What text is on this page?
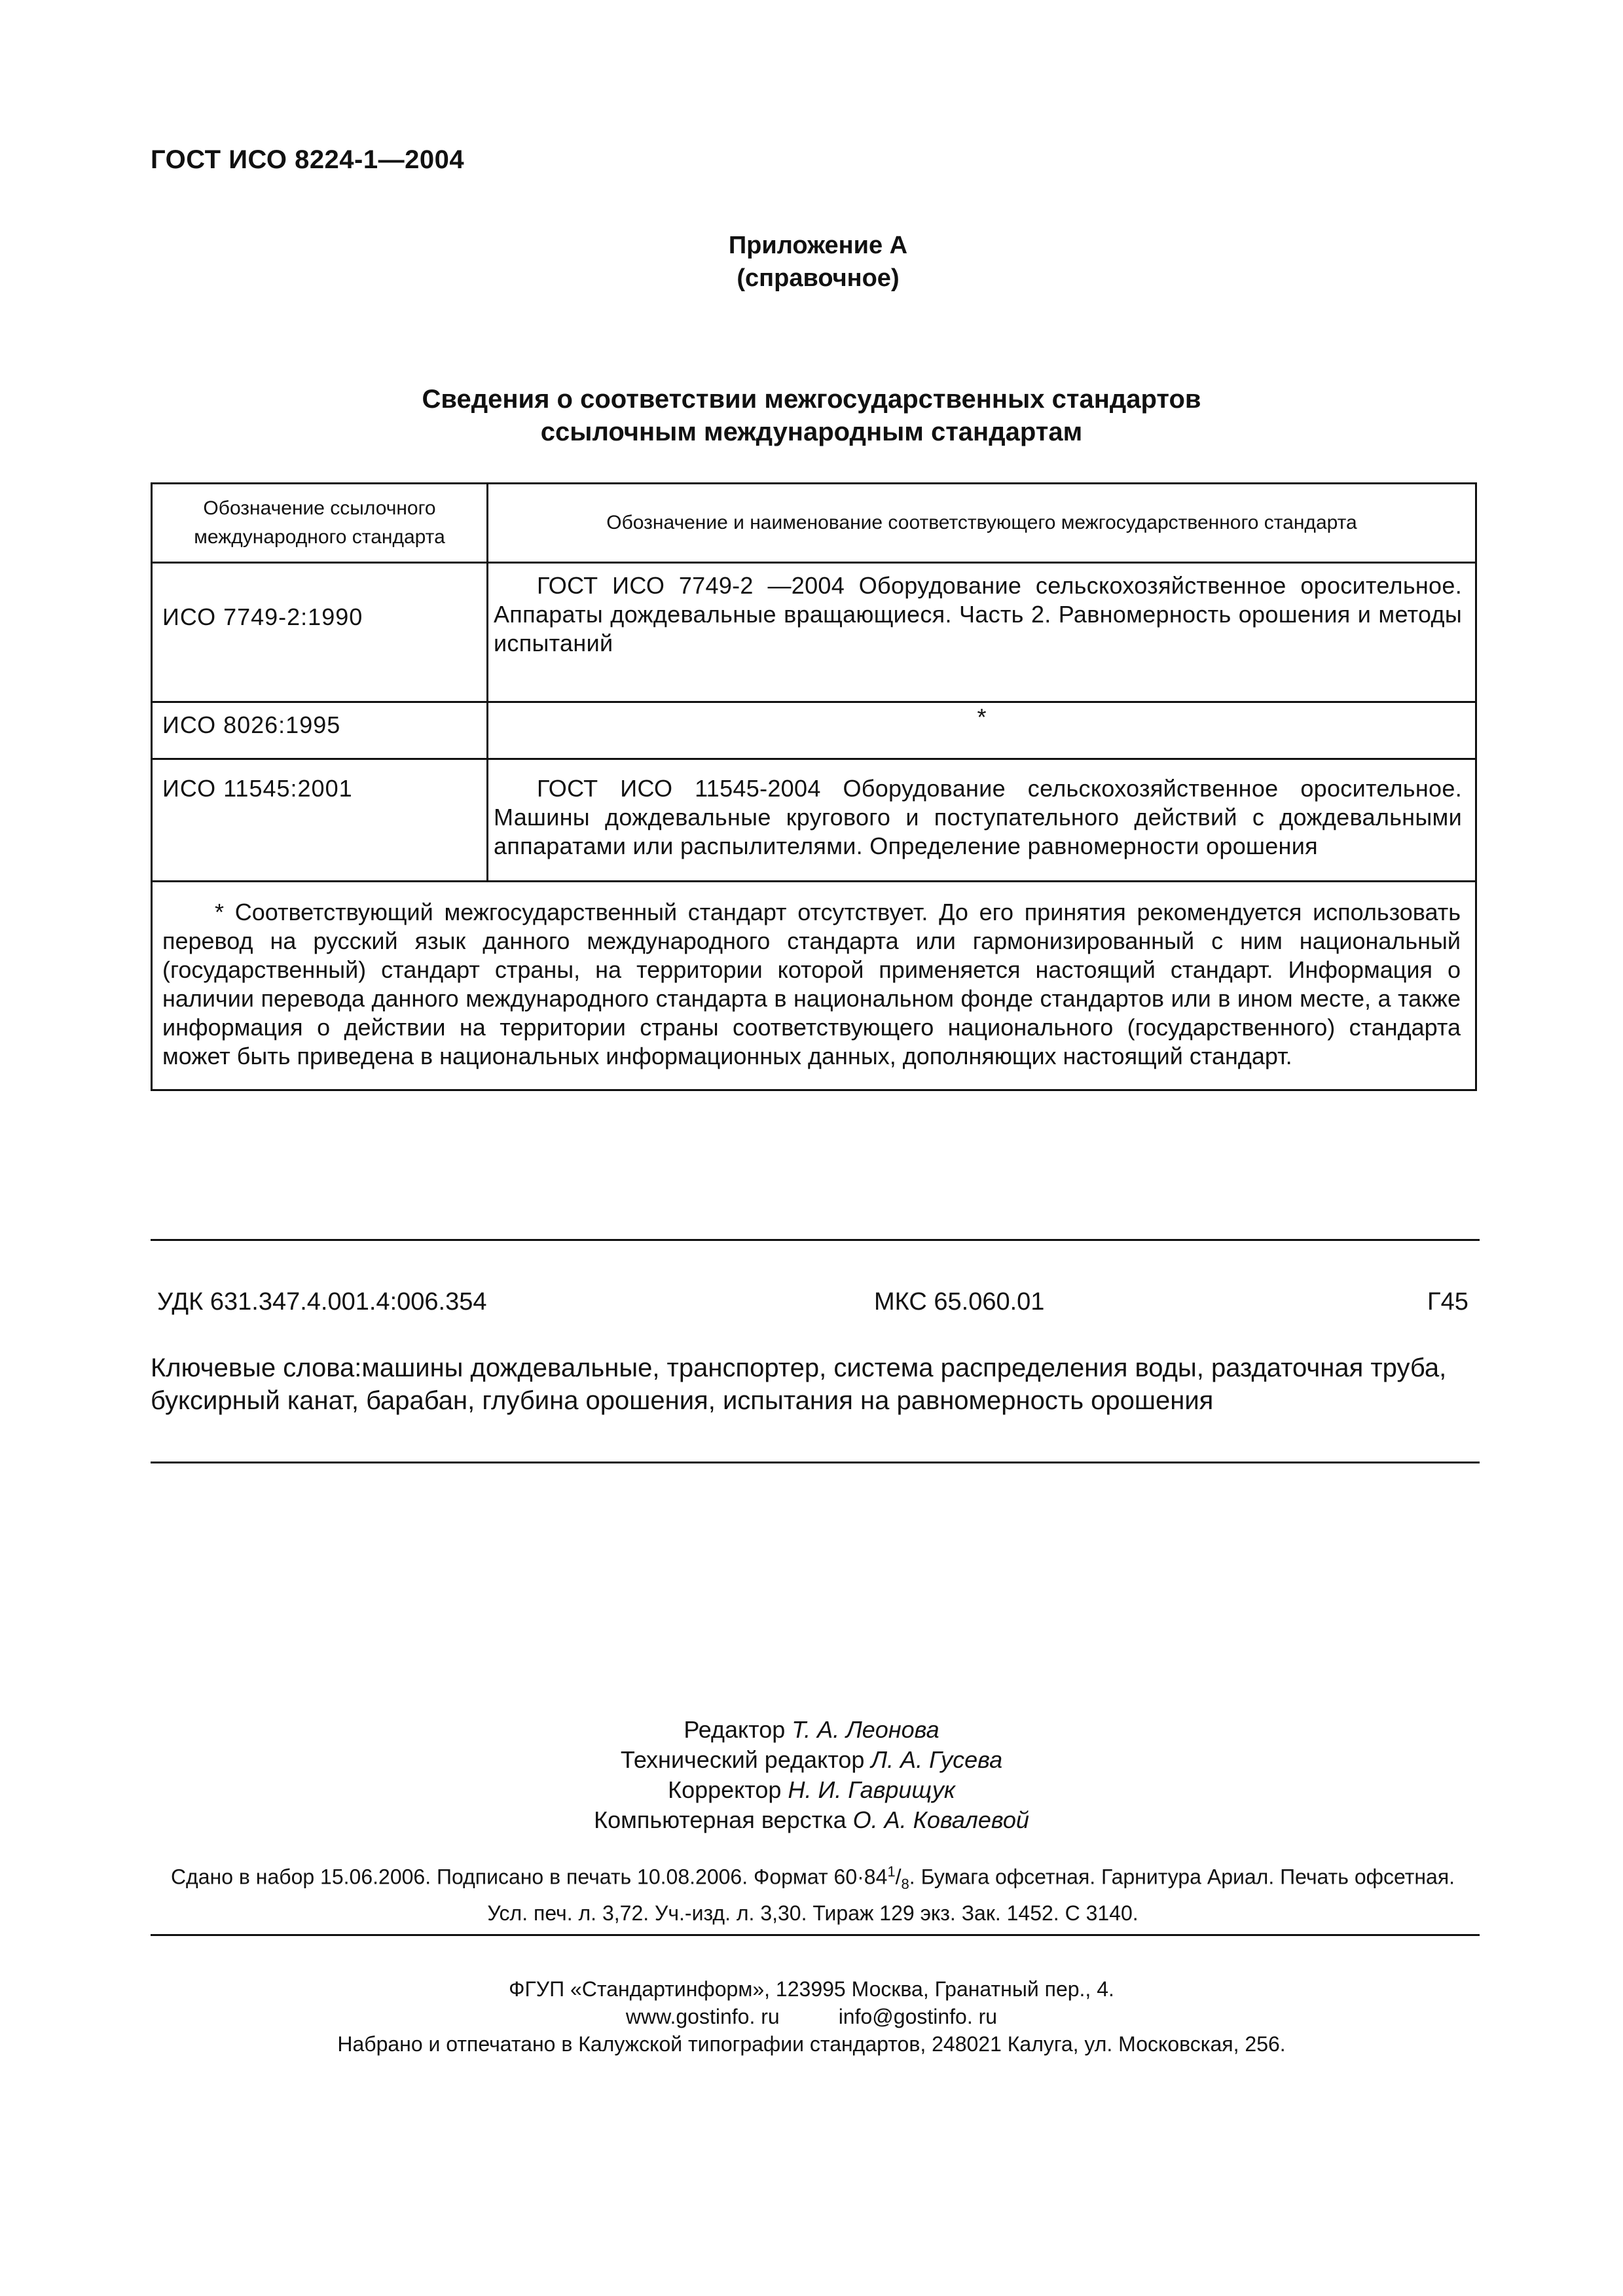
ГОСТ ИСО 8224-1—2004
Приложение А
(справочное)
Сведения о соответствии межгосударственных стандартов
ссылочным международным стандартам
Обозначение ссылочного
международного стандарта	Обозначение и наименование соответствующего межгосударственного стандарта
ИСО 7749-2:1990	ГОСТ ИСО 7749-2 —2004 Оборудование сельскохозяйственное оросительное. Аппараты дождевальные вращающиеся. Часть 2. Равномерность орошения и методы испытаний
ИСО 8026:1995	*
ИСО 11545:2001	ГОСТ ИСО 11545-2004 Оборудование сельскохозяйственное оросительное. Машины дождевальные кругового и поступательного действий с дождевальными аппаратами или распылителями. Определение равномерности орошения
* Соответствующий межгосударственный стандарт отсутствует. До его принятия рекомендуется использовать перевод на русский язык данного международного стандарта или гармонизированный с ним национальный (государственный) стандарт страны, на территории которой применяется настоящий стандарт. Информация о наличии перевода данного международного стандарта в национальном фонде стандартов или в ином месте, а также информация о действии на территории страны соответствующего национального (государственного) стандарта может быть приведена в национальных информационных данных, дополняющих настоящий стандарт.	
УДК 631.347.4.001.4:006.354	МКС 65.060.01	Г45
Ключевые слова:машины дождевальные, транспортер, система распределения воды, раздаточная труба, буксирный канат, барабан, глубина орошения, испытания на равномерность орошения
Редактор Т. А. Леонова
Технический редактор Л. А. Гусева
Корректор Н. И. Гаврищук
Компьютерная верстка О. А. Ковалевой
Сдано в набор 15.06.2006. Подписано в печать 10.08.2006. Формат $60\cdot 84^1/_8$. Бумага офсетная. Гарнитура Ариал. Печать офсетная. Усл. печ. л. 3,72. Уч.-изд. л. 3,30. Тираж 129 экз. Зак. 1452. С 3140.
ФГУП «Стандартинформ», 123995 Москва, Гранатный пер., 4.
www.gostinfo. ru	info@gostinfo. ru
Набрано и отпечатано в Калужской типографии стандартов, 248021 Калуга, ул. Московская, 256.
